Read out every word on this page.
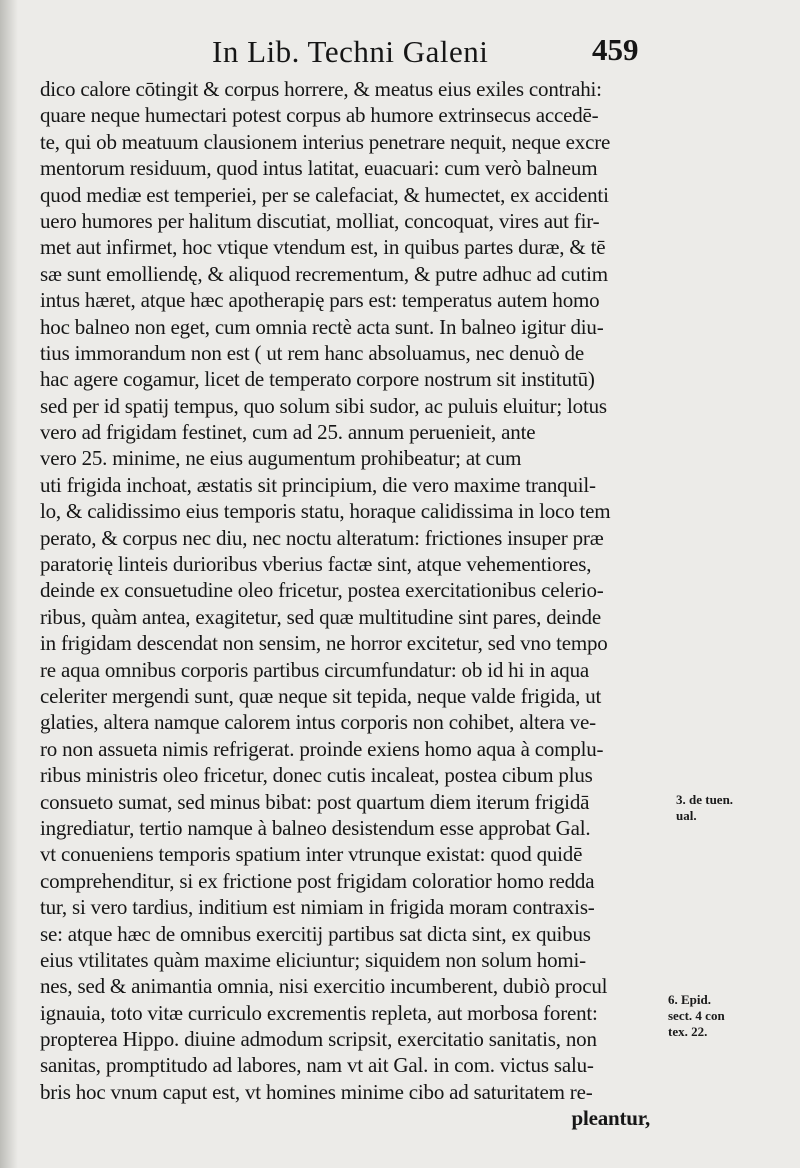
In Lib. Techni Galeni	459
dico calore cōtingit & corpus horrere, & meatus eius exiles contrahi:
quare neque humectari potest corpus ab humore extrinsecus accedē-
te, qui ob meatuum clausionem interius penetrare nequit, neque excre
mentorum residuum, quod intus latitat, euacuari: cum verò balneum
quod mediæ est temperiei, per se calefaciat, & humectet, ex accidenti
uero humores per halitum discutiat, molliat, concoquat, vires aut fir-
met aut infirmet, hoc vtique vtendum est, in quibus partes duræ, & tē
sæ sunt emolliendę, & aliquod recrementum, & putre adhuc ad cutim
intus hæret, atque hæc apotherapię pars est: temperatus autem homo
hoc balneo non eget, cum omnia rectè acta sunt. In balneo igitur diu-
tius immorandum non est ( ut rem hanc absoluamus, nec denuò de
hac agere cogamur, licet de temperato corpore nostrum sit institutū)
sed per id spatij tempus, quo solum sibi sudor, ac puluis eluitur; lotus
vero ad frigidam festinet, cum ad 25. annum peruenieit, ante
vero 25. minime, ne eius augumentum prohibeatur; at cum
uti frigida inchoat, æstatis sit principium, die vero maxime tranquil-
lo, & calidissimo eius temporis statu, horaque calidissima in loco tem
perato, & corpus nec diu, nec noctu alteratum: frictiones insuper præ
paratorię linteis durioribus vberius factæ sint, atque vehementiores,
deinde ex consuetudine oleo fricetur, postea exercitationibus celerio-
ribus, quàm antea, exagitetur, sed quæ multitudine sint pares, deinde
in frigidam descendat non sensim, ne horror excitetur, sed vno tempo
re aqua omnibus corporis partibus circumfundatur: ob id hi in aqua
celeriter mergendi sunt, quæ neque sit tepida, neque valde frigida, ut
glaties, altera namque calorem intus corporis non cohibet, altera ve-
ro non assueta nimis refrigerat. proinde exiens homo aqua à complu-
ribus ministris oleo fricetur, donec cutis incaleat, postea cibum plus
consueto sumat, sed minus bibat: post quartum diem iterum frigidā
ingrediatur, tertio namque à balneo desistendum esse approbat Gal.
vt conueniens temporis spatium inter vtrunque existat: quod quidē
comprehenditur, si ex frictione post frigidam coloratior homo redda
tur, si vero tardius, inditium est nimiam in frigida moram contraxis-
se: atque hæc de omnibus exercitij partibus sat dicta sint, ex quibus
eius vtilitates quàm maxime eliciuntur; siquidem non solum homi-
nes, sed & animantia omnia, nisi exercitio incumberent, dubiò procul
ignauia, toto vitæ curriculo excrementis repleta, aut morbosa forent:
propterea Hippo. diuine admodum scripsit, exercitatio sanitatis, non
sanitas, promptitudo ad labores, nam vt ait Gal. in com. victus salu-
bris hoc vnum caput est, vt homines minime cibo ad saturitatem re-
pleantur,
3. de tuen.
ual.
6. Epid.
sect. 4 con
tex. 22.
